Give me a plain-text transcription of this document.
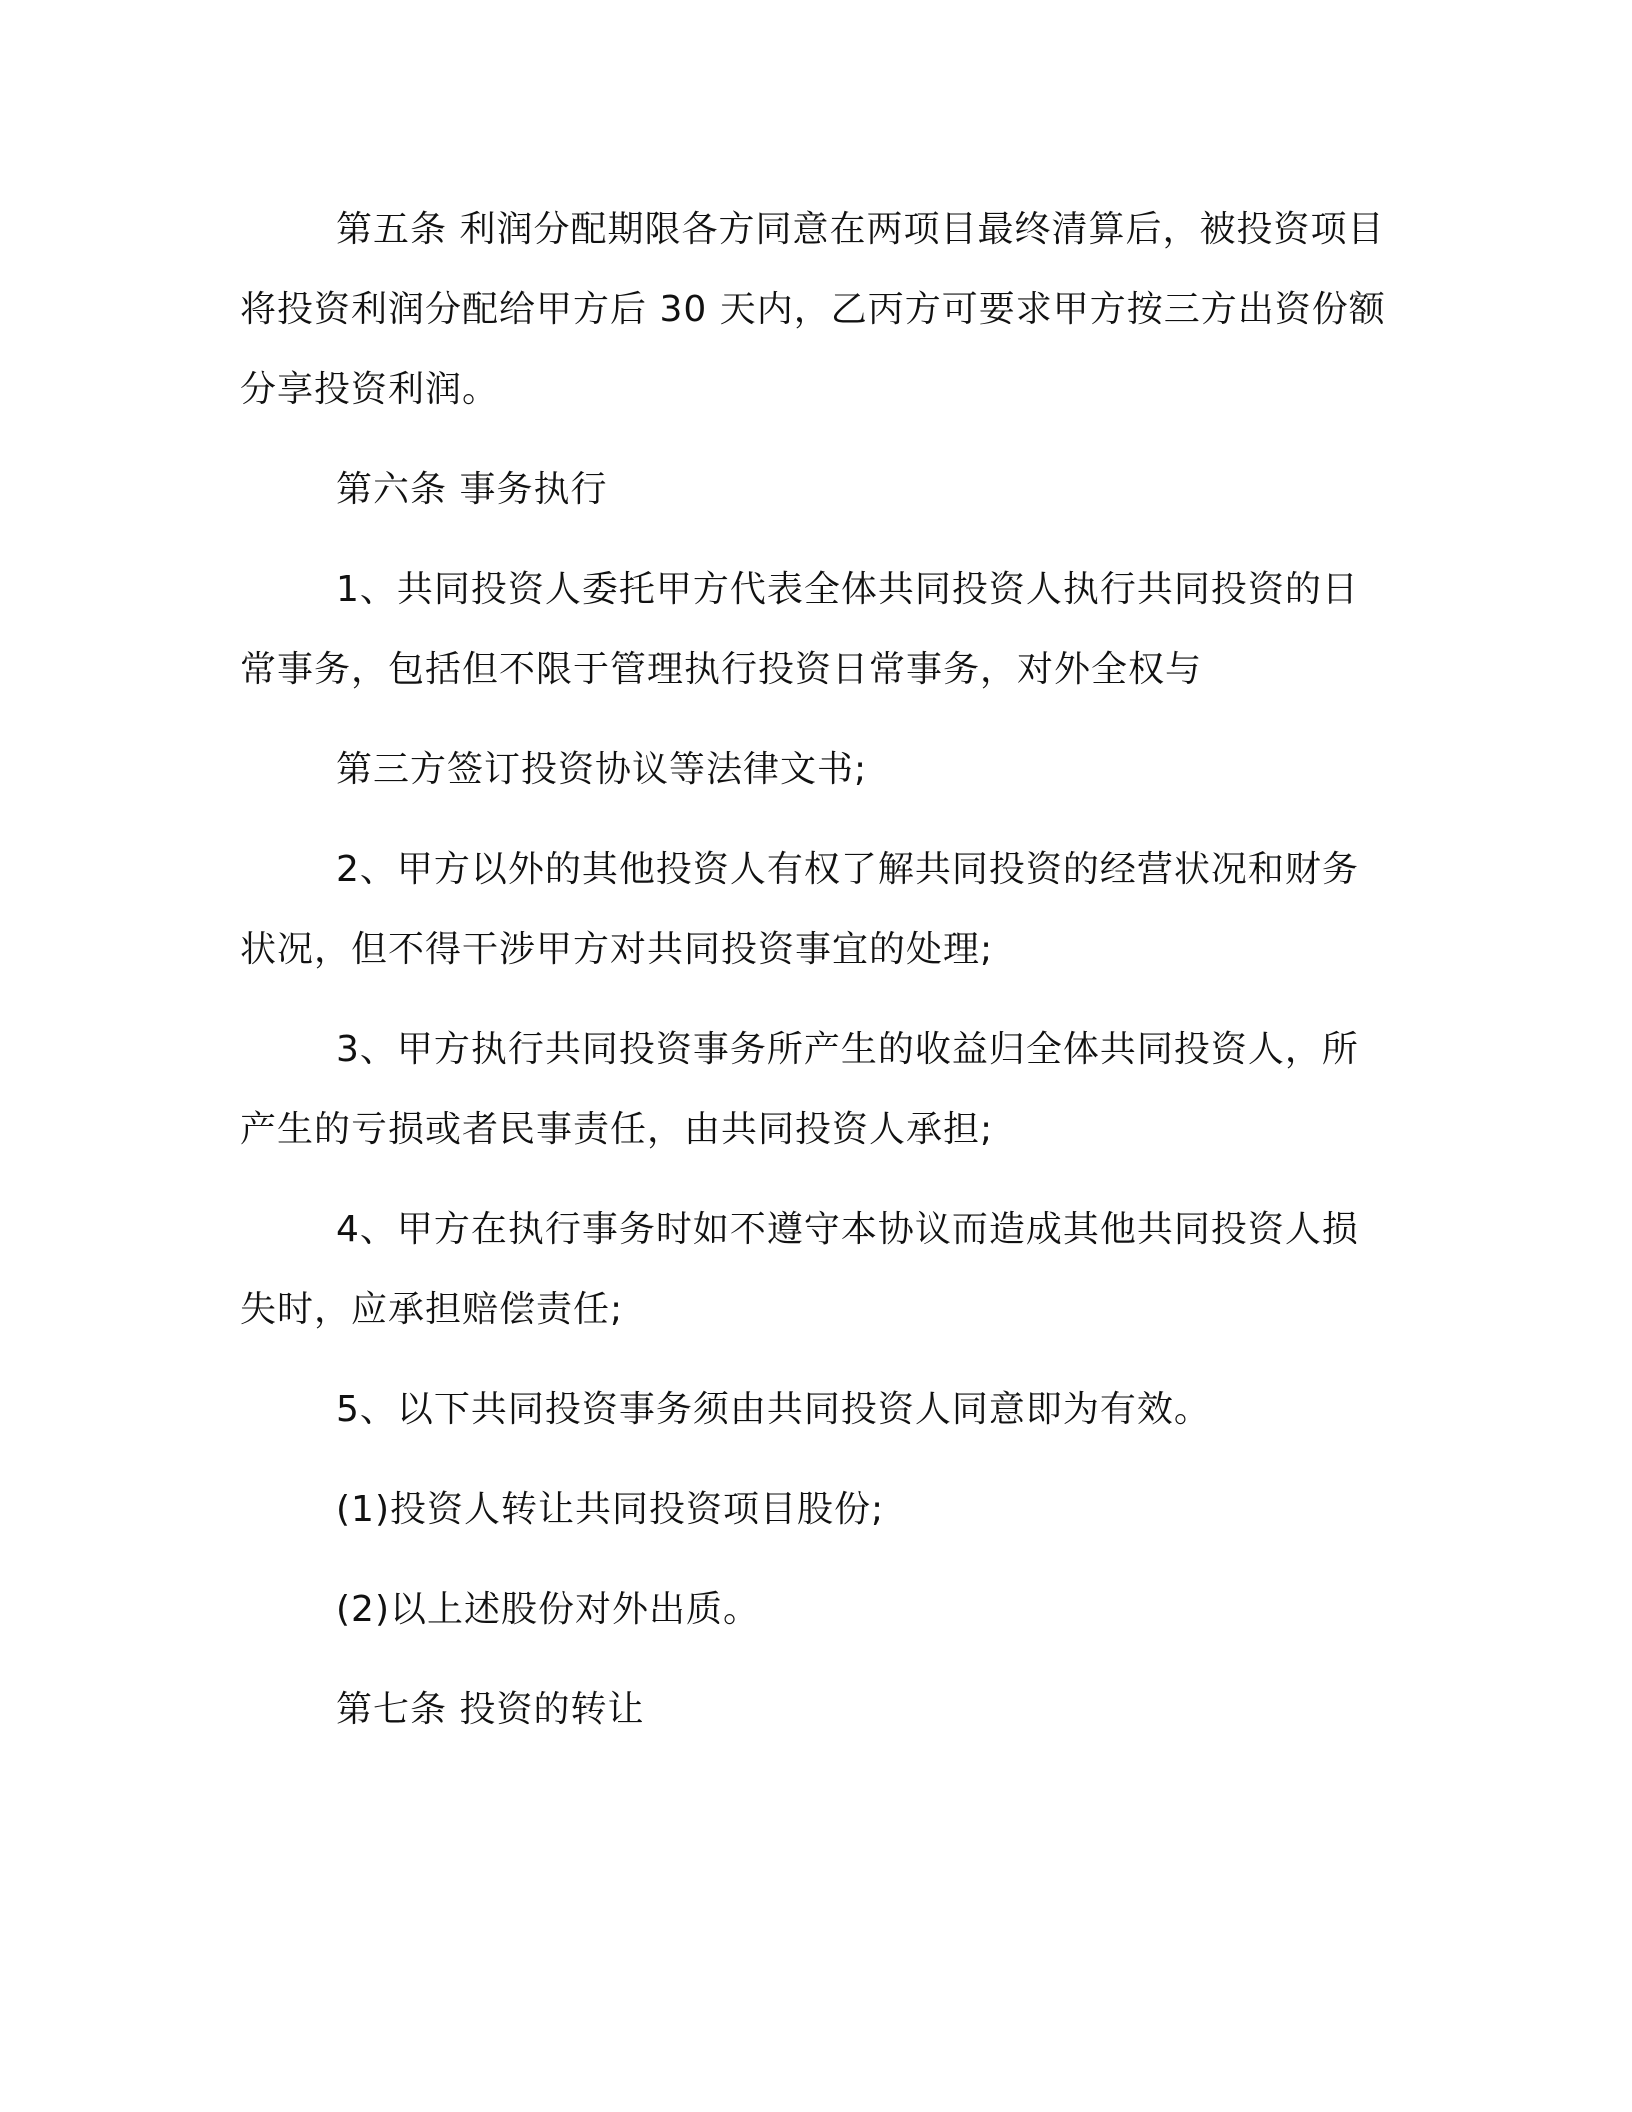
第五条 利润分配期限各方同意在两项目最终清算后，被投资项目将投资利润分配给甲方后 30 天内，乙丙方可要求甲方按三方出资份额分享投资利润。

第六条 事务执行

1、共同投资人委托甲方代表全体共同投资人执行共同投资的日常事务，包括但不限于管理执行投资日常事务，对外全权与

第三方签订投资协议等法律文书;

2、甲方以外的其他投资人有权了解共同投资的经营状况和财务状况，但不得干涉甲方对共同投资事宜的处理;

3、甲方执行共同投资事务所产生的收益归全体共同投资人，所产生的亏损或者民事责任，由共同投资人承担;

4、甲方在执行事务时如不遵守本协议而造成其他共同投资人损失时，应承担赔偿责任;

5、以下共同投资事务须由共同投资人同意即为有效。

(1)投资人转让共同投资项目股份;

(2)以上述股份对外出质。

第七条 投资的转让
